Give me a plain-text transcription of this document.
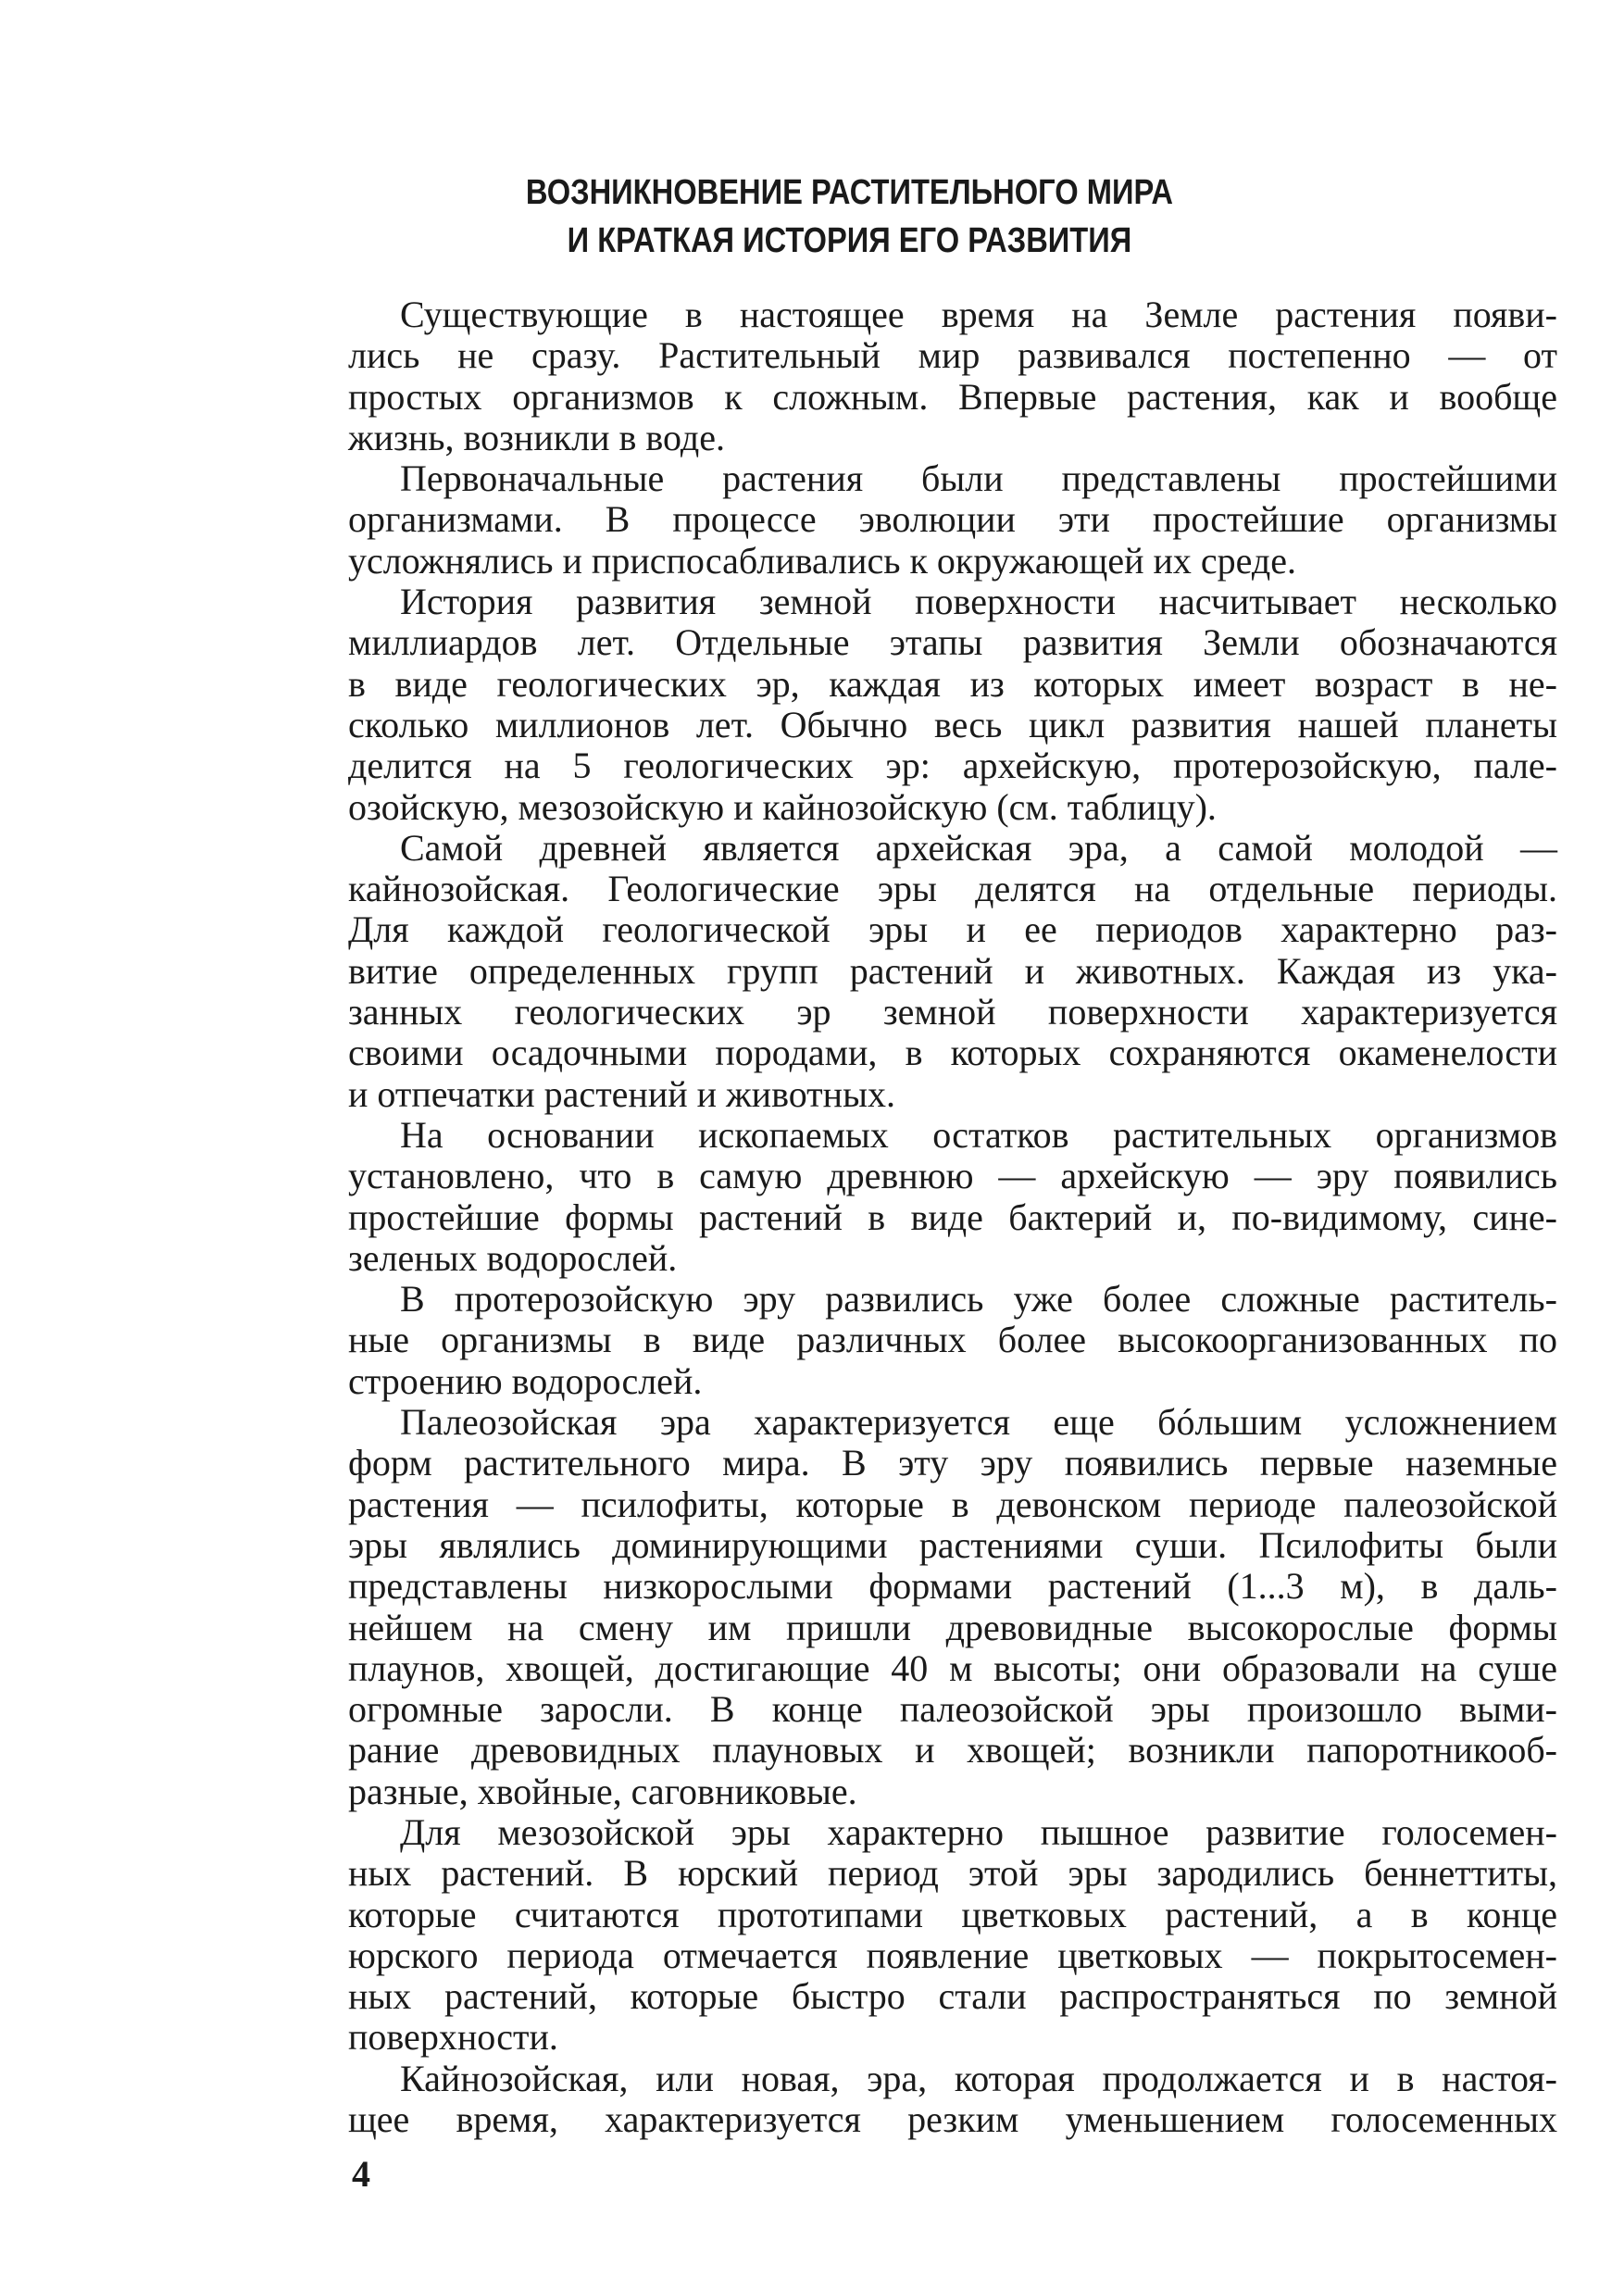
ВОЗНИКНОВЕНИЕ РАСТИТЕЛЬНОГО МИРА
И КРАТКАЯ ИСТОРИЯ ЕГО РАЗВИТИЯ
Существующие в настоящее время на Земле растения появи-
лись не сразу. Растительный мир развивался постепенно — от
простых организмов к сложным. Впервые растения, как и вообще
жизнь, возникли в воде.
Первоначальные растения были представлены простейшими
организмами. В процессе эволюции эти простейшие организмы
усложнялись и приспосабливались к окружающей их среде.
История развития земной поверхности насчитывает несколько
миллиардов лет. Отдельные этапы развития Земли обозначаются
в виде геологических эр, каждая из которых имеет возраст в не-
сколько миллионов лет. Обычно весь цикл развития нашей планеты
делится на 5 геологических эр: архейскую, протерозойскую, пале-
озойскую, мезозойскую и кайнозойскую (см. таблицу).
Самой древней является архейская эра, а самой молодой —
кайнозойская. Геологические эры делятся на отдельные периоды.
Для каждой геологической эры и ее периодов характерно раз-
витие определенных групп растений и животных. Каждая из ука-
занных геологических эр земной поверхности характеризуется
своими осадочными породами, в которых сохраняются окаменелости
и отпечатки растений и животных.
На основании ископаемых остатков растительных организмов
установлено, что в самую древнюю — архейскую — эру появились
простейшие формы растений в виде бактерий и, по-видимому, сине-
зеленых водорослей.
В протерозойскую эру развились уже более сложные раститель-
ные организмы в виде различных более высокоорганизованных по
строению водорослей.
Палеозойская эра характеризуется еще бóльшим усложнением
форм растительного мира. В эту эру появились первые наземные
растения — псилофиты, которые в девонском периоде палеозойской
эры являлись доминирующими растениями суши. Псилофиты были
представлены низкорослыми формами растений (1...3 м), в даль-
нейшем на смену им пришли древовидные высокорослые формы
плаунов, хвощей, достигающие 40 м высоты; они образовали на суше
огромные заросли. В конце палеозойской эры произошло выми-
рание древовидных плауновых и хвощей; возникли папоротникооб-
разные, хвойные, саговниковые.
Для мезозойской эры характерно пышное развитие голосемен-
ных растений. В юрский период этой эры зародились беннеттиты,
которые считаются прототипами цветковых растений, а в конце
юрского периода отмечается появление цветковых — покрытосемен-
ных растений, которые быстро стали распространяться по земной
поверхности.
Кайнозойская, или новая, эра, которая продолжается и в настоя-
щее время, характеризуется резким уменьшением голосеменных
4
